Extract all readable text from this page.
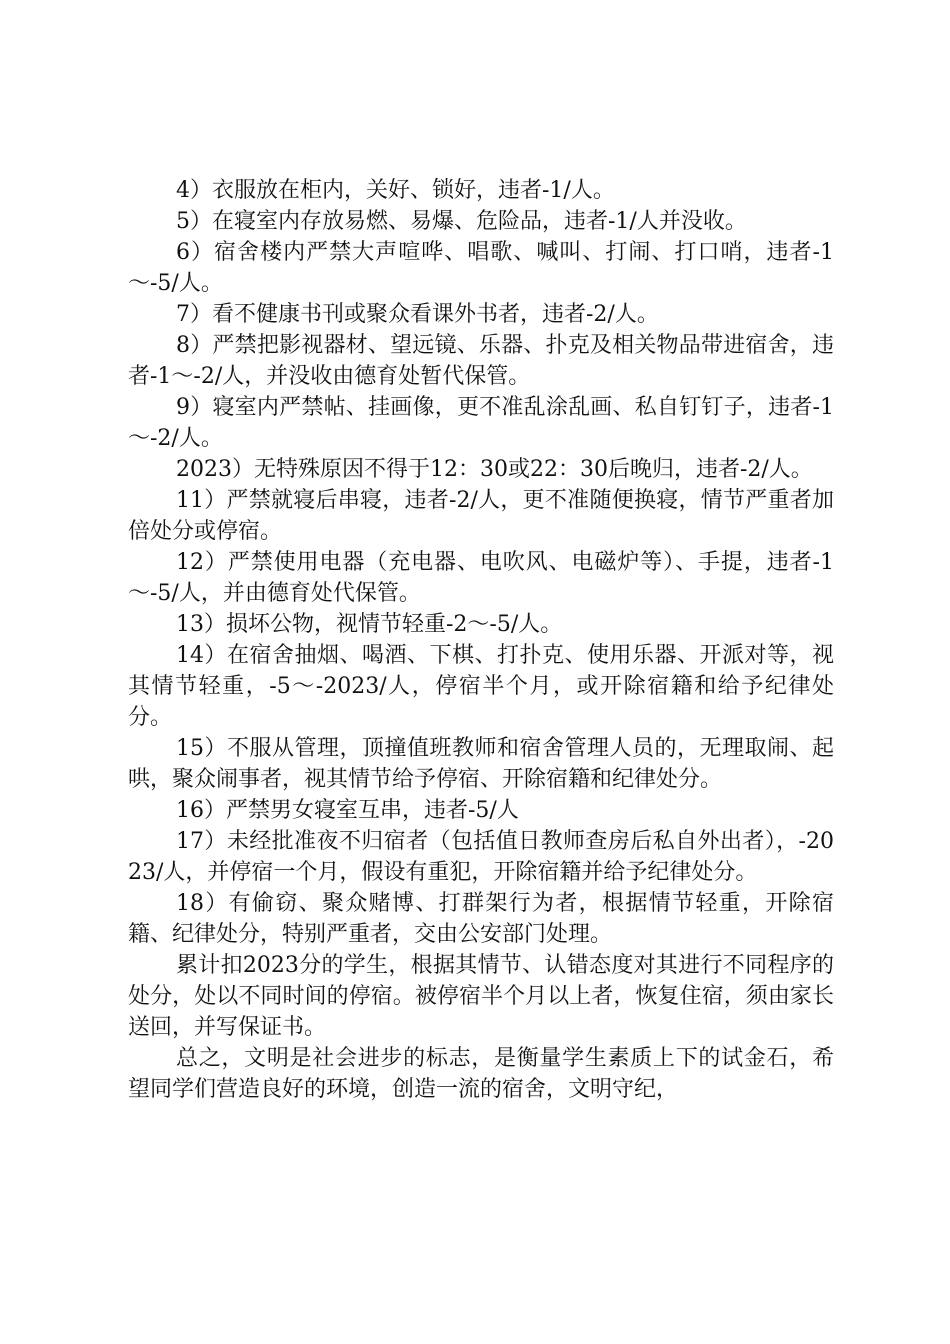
4）衣服放在柜内，关好、锁好，违者-1/人。

5）在寝室内存放易燃、易爆、危险品，违者-1/人并没收。

6）宿舍楼内严禁大声喧哗、唱歌、喊叫、打闹、打口哨，违者-1～-5/人。

7）看不健康书刊或聚众看课外书者，违者-2/人。

8）严禁把影视器材、望远镜、乐器、扑克及相关物品带进宿舍，违者-1～-2/人，并没收由德育处暂代保管。

9）寝室内严禁帖、挂画像，更不准乱涂乱画、私自钉钉子，违者-1～-2/人。

2023）无特殊原因不得于12：30或22：30后晚归，违者-2/人。

11）严禁就寝后串寝，违者-2/人，更不准随便换寝，情节严重者加倍处分或停宿。

12）严禁使用电器（充电器、电吹风、电磁炉等）、手提，违者-1～-5/人，并由德育处代保管。

13）损坏公物，视情节轻重-2～-5/人。

14）在宿舍抽烟、喝酒、下棋、打扑克、使用乐器、开派对等，视其情节轻重，-5～-2023/人，停宿半个月，或开除宿籍和给予纪律处分。

15）不服从管理，顶撞值班教师和宿舍管理人员的，无理取闹、起哄，聚众闹事者，视其情节给予停宿、开除宿籍和纪律处分。

16）严禁男女寝室互串，违者-5/人

17）未经批准夜不归宿者（包括值日教师查房后私自外出者），-2023/人，并停宿一个月，假设有重犯，开除宿籍并给予纪律处分。

18）有偷窃、聚众赌博、打群架行为者，根据情节轻重，开除宿籍、纪律处分，特别严重者，交由公安部门处理。

累计扣2023分的学生，根据其情节、认错态度对其进行不同程序的处分，处以不同时间的停宿。被停宿半个月以上者，恢复住宿，须由家长送回，并写保证书。

总之，文明是社会进步的标志，是衡量学生素质上下的试金石，希望同学们营造良好的环境，创造一流的宿舍，文明守纪，
